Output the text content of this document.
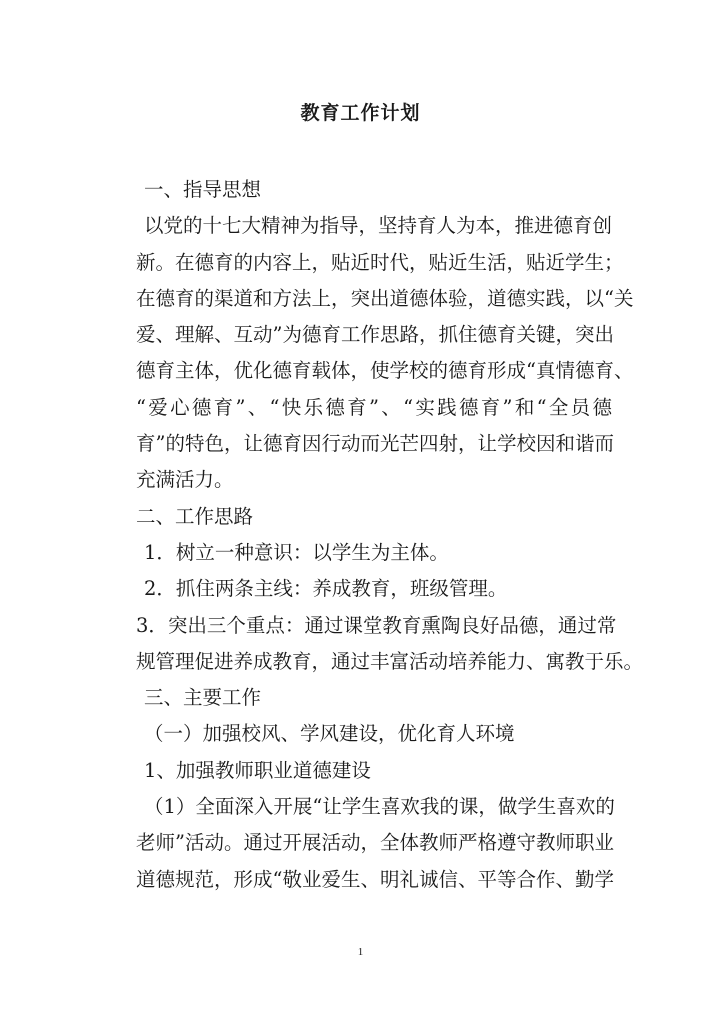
教育工作计划
一、指导思想
以党的十七大精神为指导，坚持育人为本，推进德育创
新。在德育的内容上，贴近时代，贴近生活，贴近学生；
在德育的渠道和方法上，突出道德体验，道德实践，以“关
爱、理解、互动”为德育工作思路，抓住德育关键，突出
德育主体，优化德育载体，使学校的德育形成“真情德育、
“爱心德育”、“快乐德育”、“实践德育”和“全员德
育”的特色，让德育因行动而光芒四射，让学校因和谐而
充满活力。
二、工作思路
1．树立一种意识：以学生为主体。
2．抓住两条主线：养成教育，班级管理。
3．突出三个重点：通过课堂教育熏陶良好品德，通过常
规管理促进养成教育，通过丰富活动培养能力、寓教于乐。
三、主要工作
（一）加强校风、学风建设，优化育人环境
1、加强教师职业道德建设
（1）全面深入开展“让学生喜欢我的课，做学生喜欢的
老师”活动。通过开展活动，全体教师严格遵守教师职业
道德规范，形成“敬业爱生、明礼诚信、平等合作、勤学
1
